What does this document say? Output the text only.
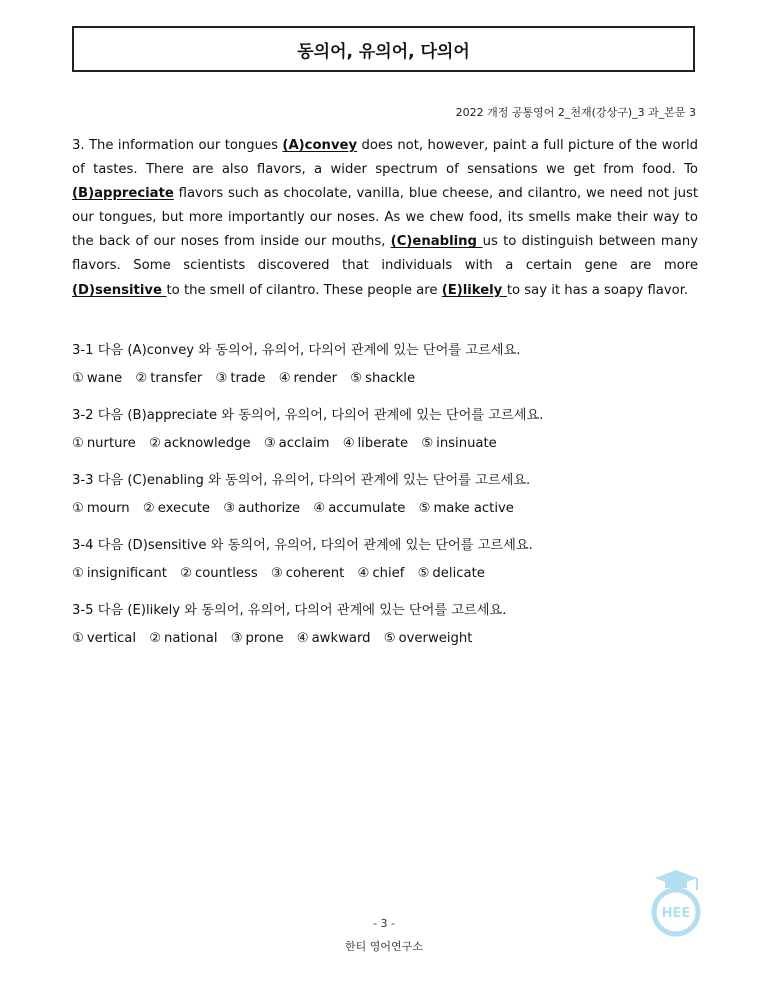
동의어, 유의어, 다의어
2022 개정 공통영어 2_천재(강상구)_3 과_본문 3
3. The information our tongues (A)convey does not, however, paint a full picture of the world of tastes. There are also flavors, a wider spectrum of sensations we get from food. To (B)appreciate flavors such as chocolate, vanilla, blue cheese, and cilantro, we need not just our tongues, but more importantly our noses. As we chew food, its smells make their way to the back of our noses from inside our mouths, (C)enabling us to distinguish between many flavors. Some scientists discovered that individuals with a certain gene are more (D)sensitive to the smell of cilantro. These people are (E)likely to say it has a soapy flavor.
3-1 다음 (A)convey 와 동의어, 유의어, 다의어 관계에 있는 단어를 고르세요.
① wane ② transfer ③ trade ④ render ⑤ shackle
3-2 다음 (B)appreciate 와 동의어, 유의어, 다의어 관계에 있는 단어를 고르세요.
① nurture ② acknowledge ③ acclaim ④ liberate ⑤ insinuate
3-3 다음 (C)enabling 와 동의어, 유의어, 다의어 관계에 있는 단어를 고르세요.
① mourn ② execute ③ authorize ④ accumulate ⑤ make active
3-4 다음 (D)sensitive 와 동의어, 유의어, 다의어 관계에 있는 단어를 고르세요.
① insignificant ② countless ③ coherent ④ chief ⑤ delicate
3-5 다음 (E)likely 와 동의어, 유의어, 다의어 관계에 있는 단어를 고르세요.
① vertical ② national ③ prone ④ awkward ⑤ overweight
- 3 -
한티 영어연구소
HEE
